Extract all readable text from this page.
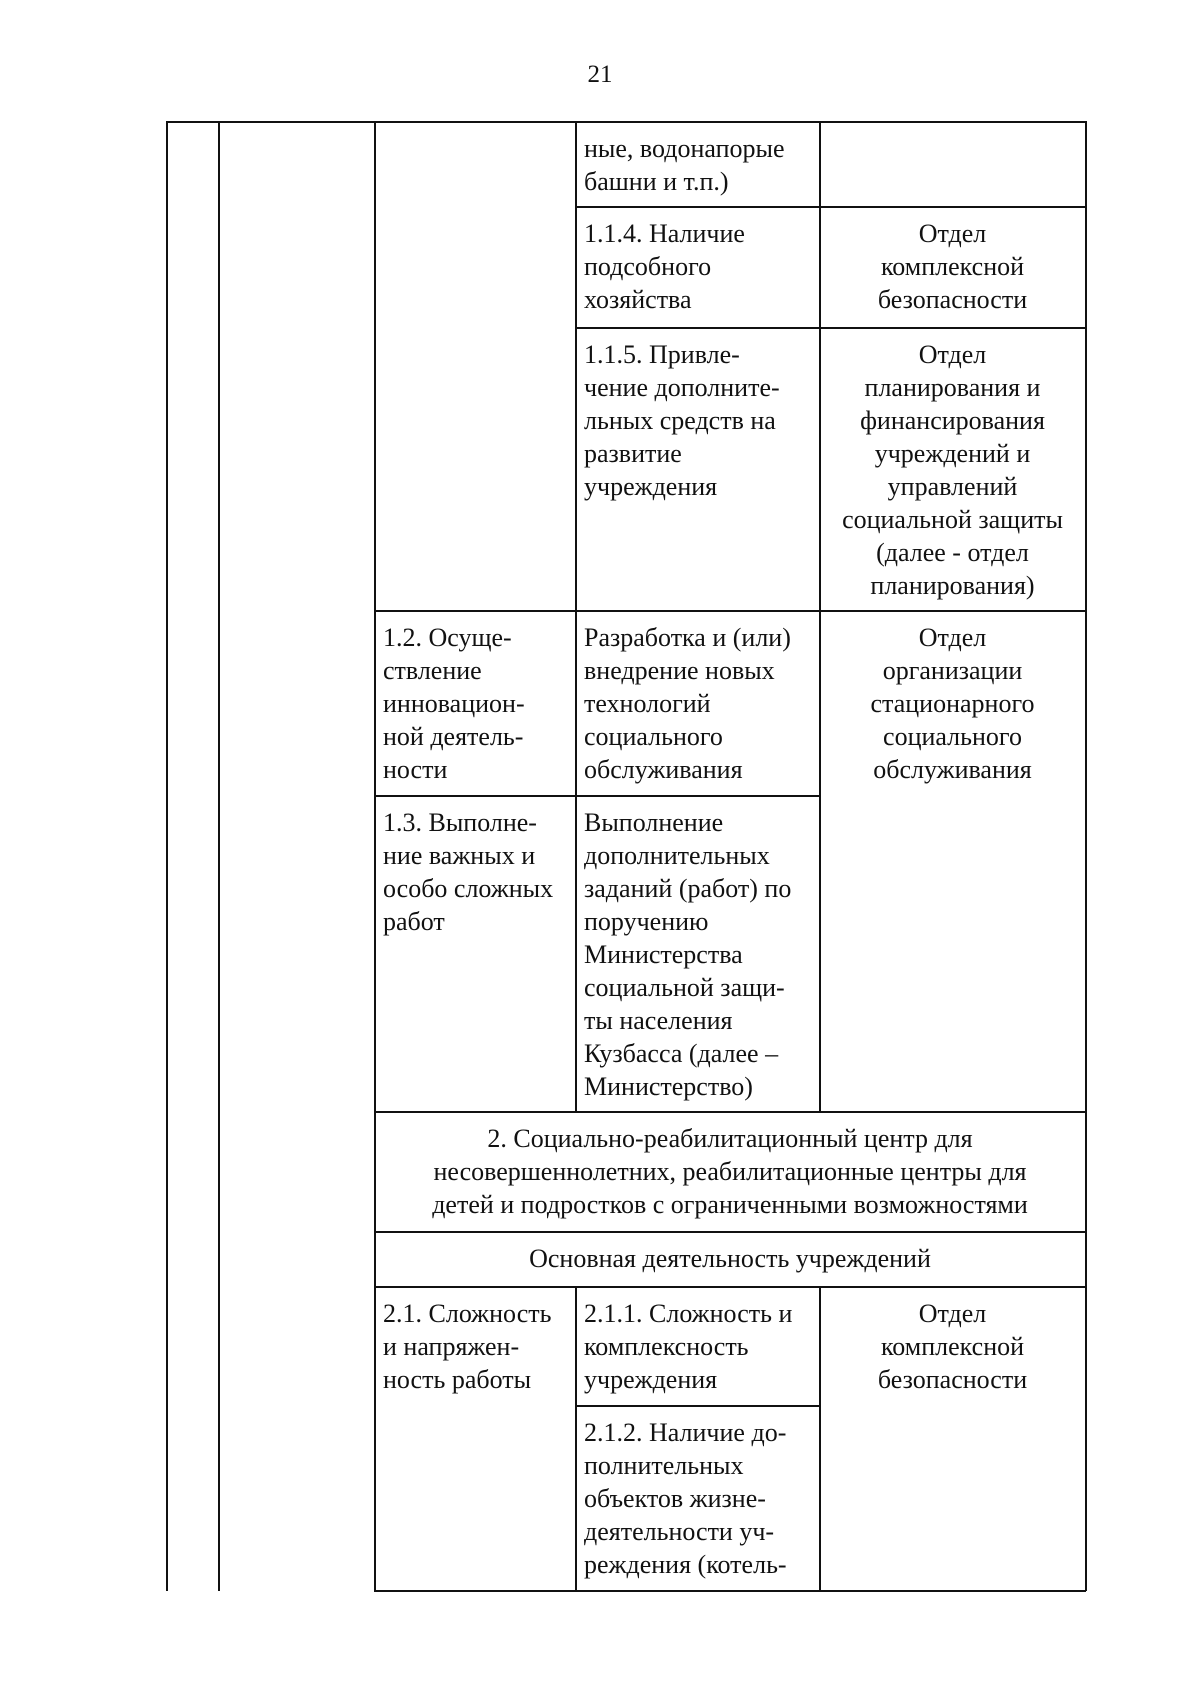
21
ные, водонапорые
башни и т.п.)
1.1.4. Наличие
подсобного
хозяйства
Отдел
комплексной
безопасности
1.1.5. Привле-
чение дополните-
льных средств на
развитие
учреждения
Отдел
планирования и
финансирования
учреждений и
управлений
социальной защиты
(далее - отдел
планирования)
1.2. Осуще-
ствление
инновацион-
ной деятель-
ности
Разработка и (или)
внедрение новых
технологий
социального
обслуживания
Отдел
организации
стационарного
социального
обслуживания
1.3. Выполне-
ние важных и
особо сложных
работ
Выполнение
дополнительных
заданий (работ) по
поручению
Министерства
социальной защи-
ты населения
Кузбасса (далее –
Министерство)
2. Социально-реабилитационный центр для
несовершеннолетних, реабилитационные центры для
детей и подростков с ограниченными возможностями
Основная деятельность учреждений
2.1. Сложность
и напряжен-
ность работы
2.1.1. Сложность и
комплексность
учреждения
Отдел
комплексной
безопасности
2.1.2. Наличие до-
полнительных
объектов жизне-
деятельности уч-
реждения (котель-
